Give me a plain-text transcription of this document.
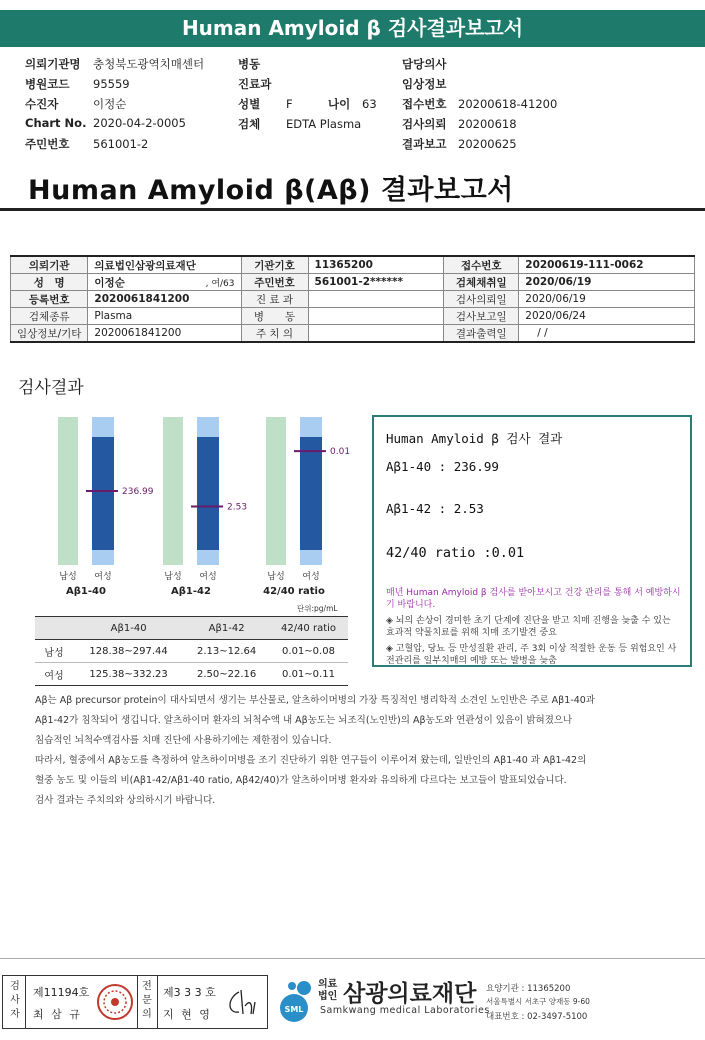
Human Amyloid β 검사결과보고서
의뢰기관명 충청북도광역치매센터
병원코드 95559
수진자	이정순
Chart No. 2020-04-2-0005
주민번호 561001-2
병동
진료과
성별 F	나이 63
검체 EDTA Plasma
담당의사
임상정보
접수번호 20200618-41200
검사의뢰 20200618
결과보고 20200625
Human Amyloid β(Aβ) 결과보고서
의뢰기관	의료법인삼광의료재단		기관기호	11365200	접수번호	20200619-111-0062
성　명	이정순	, 여/63	주민번호	561001-2******	검체채취일	2020/06/19
등록번호	2020061841200		진 료 과		검사의뢰일	2020/06/19
검체종류	Plasma		병　　동		검사보고일	2020/06/24
임상정보/기타	2020061841200		주 치 의		결과출력일	/ /
검사결과
236.99
남성 여성
Aβ1-40
2.53
남성 여성
Aβ1-42
0.01
남성 여성
42/40 ratio
단위:pg/mL
	Aβ1-40	Aβ1-42	42/40 ratio
남성	128.38~297.44	2.13~12.64	0.01~0.08
여성	125.38~332.23	2.50~22.16	0.01~0.11
Human Amyloid β 검사 결과
Aβ1-40 : 236.99
Aβ1-42 : 2.53
42/40 ratio :0.01
매년 Human Amyloid β 검사를 받아보시고 건강 관리를 통해 서 예방하시기 바랍니다.
◈ 뇌의 손상이 경미한 초기 단계에 진단을 받고 치매 진행을 늦출 수 있는 효과적 약물치료를 위해 치매 조기발견 중요
◈ 고혈압, 당뇨 등 만성질환 관리, 주 3회 이상 적절한 운동 등 위험요인 사전관리를 일부치매의 예방 또는 발병을 늦춤
Aβ는 Aβ precursor protein이 대사되면서 생기는 부산물로, 알츠하이머병의 가장 특징적인 병리학적 소견인 노인반은 주로 Aβ1-40과
Aβ1-42가 침착되어 생깁니다. 알츠하이머 환자의 뇌척수액 내 Aβ농도는 뇌조직(노인반)의 Aβ농도와 연관성이 있음이 밝혀졌으나
침습적인 뇌척수액검사를 치매 진단에 사용하기에는 제한점이 있습니다.
따라서, 혈중에서 Aβ농도를 측정하여 알츠하이머병을 조기 진단하기 위한 연구들이 이루어져 왔는데, 일반인의 Aβ1-40 과 Aβ1-42의
혈중 농도 및 이들의 비(Aβ1-42/Aβ1-40 ratio, Aβ42/40)가 알츠하이머병 환자와 유의하게 다르다는 보고들이 발표되었습니다.
검사 결과는 주치의와 상의하시기 바랍니다.
검사자
제11194호
최 삼 규
전문의
제3 3 3 호
지 현 영	SML
의료법인 삼광의료재단
Samkwang medical Laboratories
요양기관 : 11365200
서울특별시 서초구 양재동 9-60
대표번호 : 02-3497-5100
